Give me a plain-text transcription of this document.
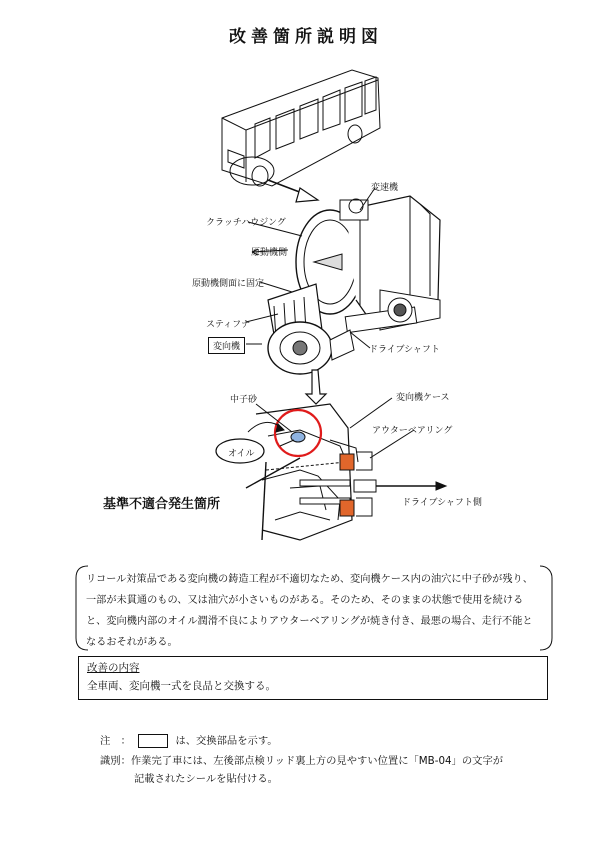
改善箇所説明図
変速機
クラッチハウジング
原動機側
原動機側面に固定
スティフナ
変向機	ドライブシャフト
中子砂	変向機ケース
アウターベアリング
オイル
基準不適合発生箇所	ドライブシャフト側
リコール対策品である変向機の鋳造工程が不適切なため、変向機ケース内の油穴に中子砂が残り、一部が未貫通のもの、又は油穴が小さいものがある。そのため、そのままの状態で使用を続けると、変向機内部のオイル潤滑不良によりアウターベアリングが焼き付き、最悪の場合、走行不能となるおそれがある。
改善の内容
全車両、変向機一式を良品と交換する。
注　：	は、交換部品を示す。
識別：作業完了車には、左後部点検リッド裏上方の見やすい位置に「MB-04」の文字が
記載されたシールを貼付ける。
